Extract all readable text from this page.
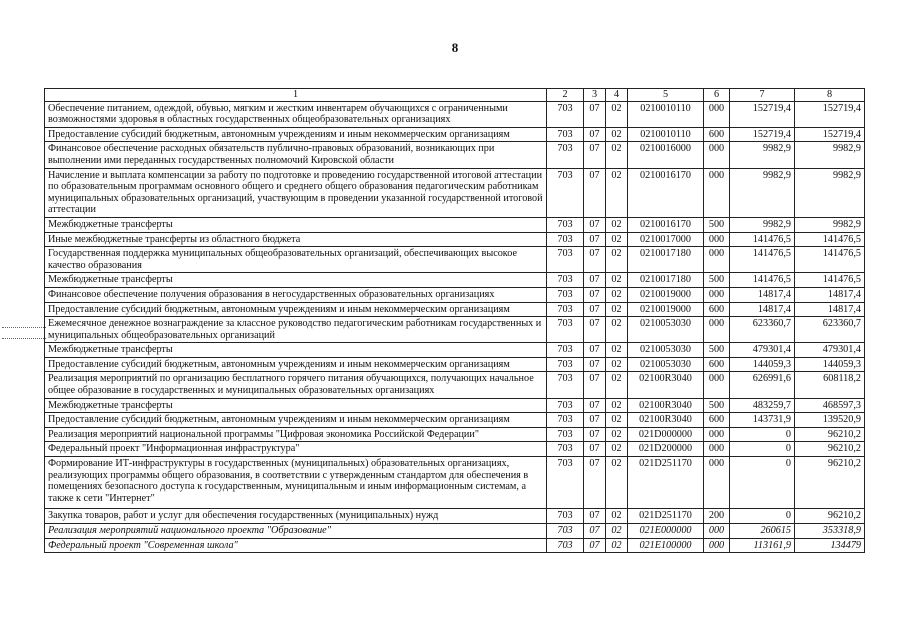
8
1	2	3	4	5	6	7	8
Обеспечение питанием, одеждой, обувью, мягким и жестким инвентарем обучающихся с ограниченными возможностями здоровья в областных государственных общеобразовательных организациях	703	07	02	0210010110	000	152719,4	152719,4
Предоставление субсидий бюджетным, автономным учреждениям и иным некоммерческим организациям	703	07	02	0210010110	600	152719,4	152719,4
Финансовое обеспечение расходных обязательств публично-правовых образований, возникающих при выполнении ими переданных государственных полномочий Кировской области	703	07	02	0210016000	000	9982,9	9982,9
Начисление и выплата компенсации за работу по подготовке и проведению государственной итоговой аттестации по образовательным программам основного общего и среднего общего образования педагогическим работникам муниципальных образовательных организаций, участвующим в проведении указанной государственной итоговой аттестации	703	07	02	0210016170	000	9982,9	9982,9
Межбюджетные трансферты	703	07	02	0210016170	500	9982,9	9982,9
Иные межбюджетные трансферты из областного бюджета	703	07	02	0210017000	000	141476,5	141476,5
Государственная поддержка муниципальных общеобразовательных организаций, обеспечивающих высокое качество образования	703	07	02	0210017180	000	141476,5	141476,5
Межбюджетные трансферты	703	07	02	0210017180	500	141476,5	141476,5
Финансовое обеспечение получения образования в негосударственных образовательных организациях	703	07	02	0210019000	000	14817,4	14817,4
Предоставление субсидий бюджетным, автономным учреждениям и иным некоммерческим организациям	703	07	02	0210019000	600	14817,4	14817,4
Ежемесячное денежное вознаграждение за классное руководство педагогическим работникам государственных и муниципальных общеобразовательных организаций	703	07	02	0210053030	000	623360,7	623360,7
Межбюджетные трансферты	703	07	02	0210053030	500	479301,4	479301,4
Предоставление субсидий бюджетным, автономным учреждениям и иным некоммерческим организациям	703	07	02	0210053030	600	144059,3	144059,3
Реализация мероприятий по организацию бесплатного горячего питания обучающихся, получающих начальное общее образование в государственных и муниципальных образовательных организациях	703	07	02	02100R3040	000	626991,6	608118,2
Межбюджетные трансферты	703	07	02	02100R3040	500	483259,7	468597,3
Предоставление субсидий бюджетным, автономным учреждениям и иным некоммерческим организациям	703	07	02	02100R3040	600	143731,9	139520,9
Реализация мероприятий национальной программы "Цифровая экономика Российской Федерации"	703	07	02	021D000000	000	0	96210,2
Федеральный проект "Информационная инфраструктура"	703	07	02	021D200000	000	0	96210,2
Формирование ИТ-инфраструктуры в государственных (муниципальных) образовательных организациях, реализующих программы общего образования, в соответствии с утвержденным стандартом для обеспечения в помещениях безопасного доступа к государственным, муниципальным и иным информационным системам, а также к сети "Интернет"	703	07	02	021D251170	000	0	96210,2
Закупка товаров, работ и услуг для обеспечения государственных (муниципальных) нужд	703	07	02	021D251170	200	0	96210,2
Реализация мероприятий национального проекта "Образование"	703	07	02	021E000000	000	260615	353318,9
Федеральный проект "Современная школа"	703	07	02	021E100000	000	113161,9	134479
